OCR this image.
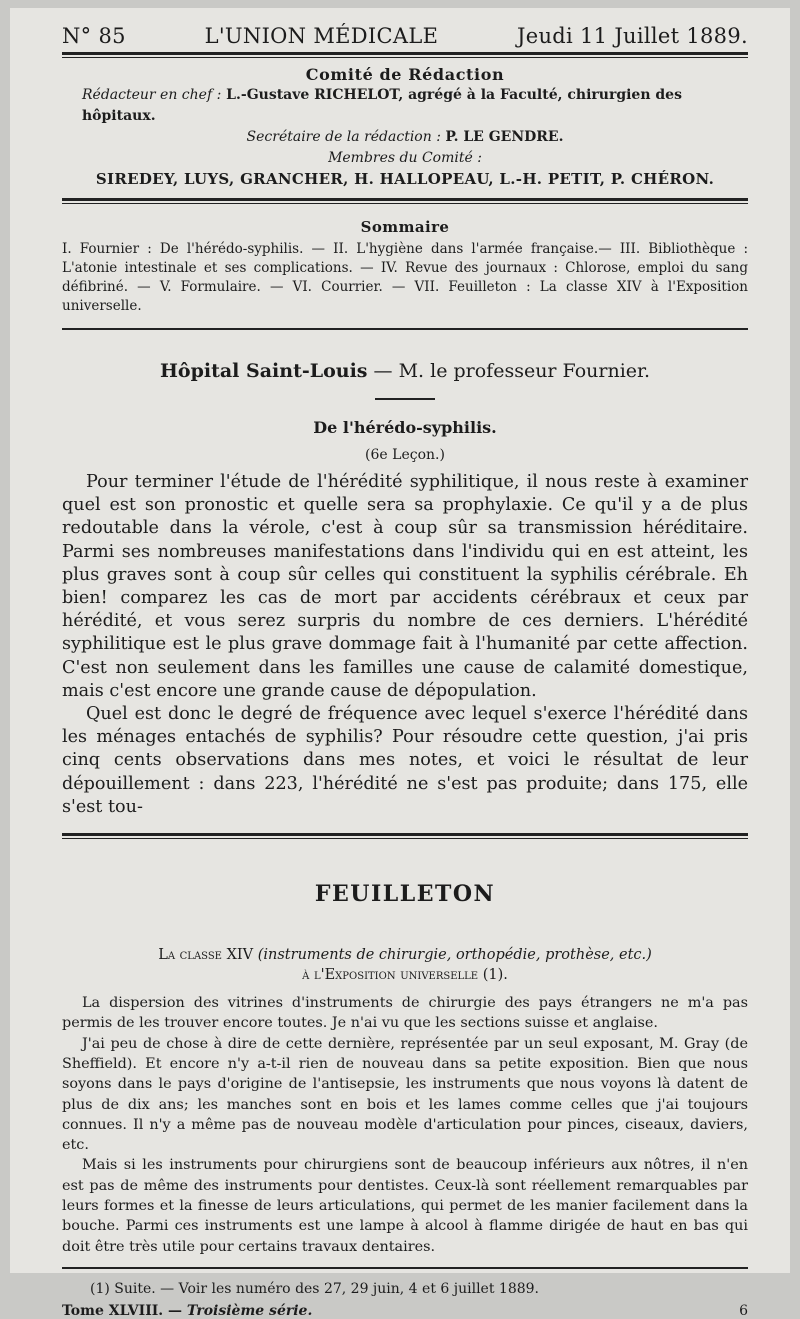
N° 85	L'UNION MÉDICALE	Jeudi 11 Juillet 1889.
Comité de Rédaction
Rédacteur en chef : L.-Gustave RICHELOT, agrégé à la Faculté, chirurgien des hôpitaux.
Secrétaire de la rédaction : P. LE GENDRE.
Membres du Comité :
SIREDEY, LUYS, GRANCHER, H. HALLOPEAU, L.-H. PETIT, P. CHÉRON.
Sommaire
I. Fournier : De l'hérédo-syphilis. — II. L'hygiène dans l'armée française.— III. Bibliothèque : L'atonie intestinale et ses complications. — IV. Revue des journaux : Chlorose, emploi du sang défibriné. — V. Formulaire. — VI. Courrier. — VII. Feuilleton : La classe XIV à l'Exposition universelle.
Hôpital Saint-Louis — M. le professeur Fournier.
De l'hérédo-syphilis.
(6e Leçon.)

Pour terminer l'étude de l'hérédité syphilitique, il nous reste à examiner quel est son pronostic et quelle sera sa prophylaxie. Ce qu'il y a de plus redoutable dans la vérole, c'est à coup sûr sa transmission héréditaire. Parmi ses nombreuses manifestations dans l'individu qui en est atteint, les plus graves sont à coup sûr celles qui constituent la syphilis cérébrale. Eh bien! comparez les cas de mort par accidents cérébraux et ceux par hérédité, et vous serez surpris du nombre de ces derniers. L'hérédité syphilitique est le plus grave dommage fait à l'humanité par cette affection. C'est non seulement dans les familles une cause de calamité domestique, mais c'est encore une grande cause de dépopulation.

Quel est donc le degré de fréquence avec lequel s'exerce l'hérédité dans les ménages entachés de syphilis? Pour résoudre cette question, j'ai pris cinq cents observations dans mes notes, et voici le résultat de leur dépouillement : dans 223, l'hérédité ne s'est pas produite; dans 175, elle s'est tou-

FEUILLETON
La classe XIV (instruments de chirurgie, orthopédie, prothèse, etc.)
à l'Exposition universelle (1).

La dispersion des vitrines d'instruments de chirurgie des pays étrangers ne m'a pas permis de les trouver encore toutes. Je n'ai vu que les sections suisse et anglaise.

J'ai peu de chose à dire de cette dernière, représentée par un seul exposant, M. Gray (de Sheffield). Et encore n'y a-t-il rien de nouveau dans sa petite exposition. Bien que nous soyons dans le pays d'origine de l'antisepsie, les instruments que nous voyons là datent de plus de dix ans; les manches sont en bois et les lames comme celles que j'ai toujours connues. Il n'y a même pas de nouveau modèle d'articulation pour pinces, ciseaux, daviers, etc.

Mais si les instruments pour chirurgiens sont de beaucoup inférieurs aux nôtres, il n'en est pas de même des instruments pour dentistes. Ceux-là sont réellement remarquables par leurs formes et la finesse de leurs articulations, qui permet de les manier facilement dans la bouche. Parmi ces instruments est une lampe à alcool à flamme dirigée de haut en bas qui doit être très utile pour certains travaux dentaires.

(1) Suite. — Voir les numéro des 27, 29 juin, 4 et 6 juillet 1889.
Tome XLVIII. — Troisième série.	6
